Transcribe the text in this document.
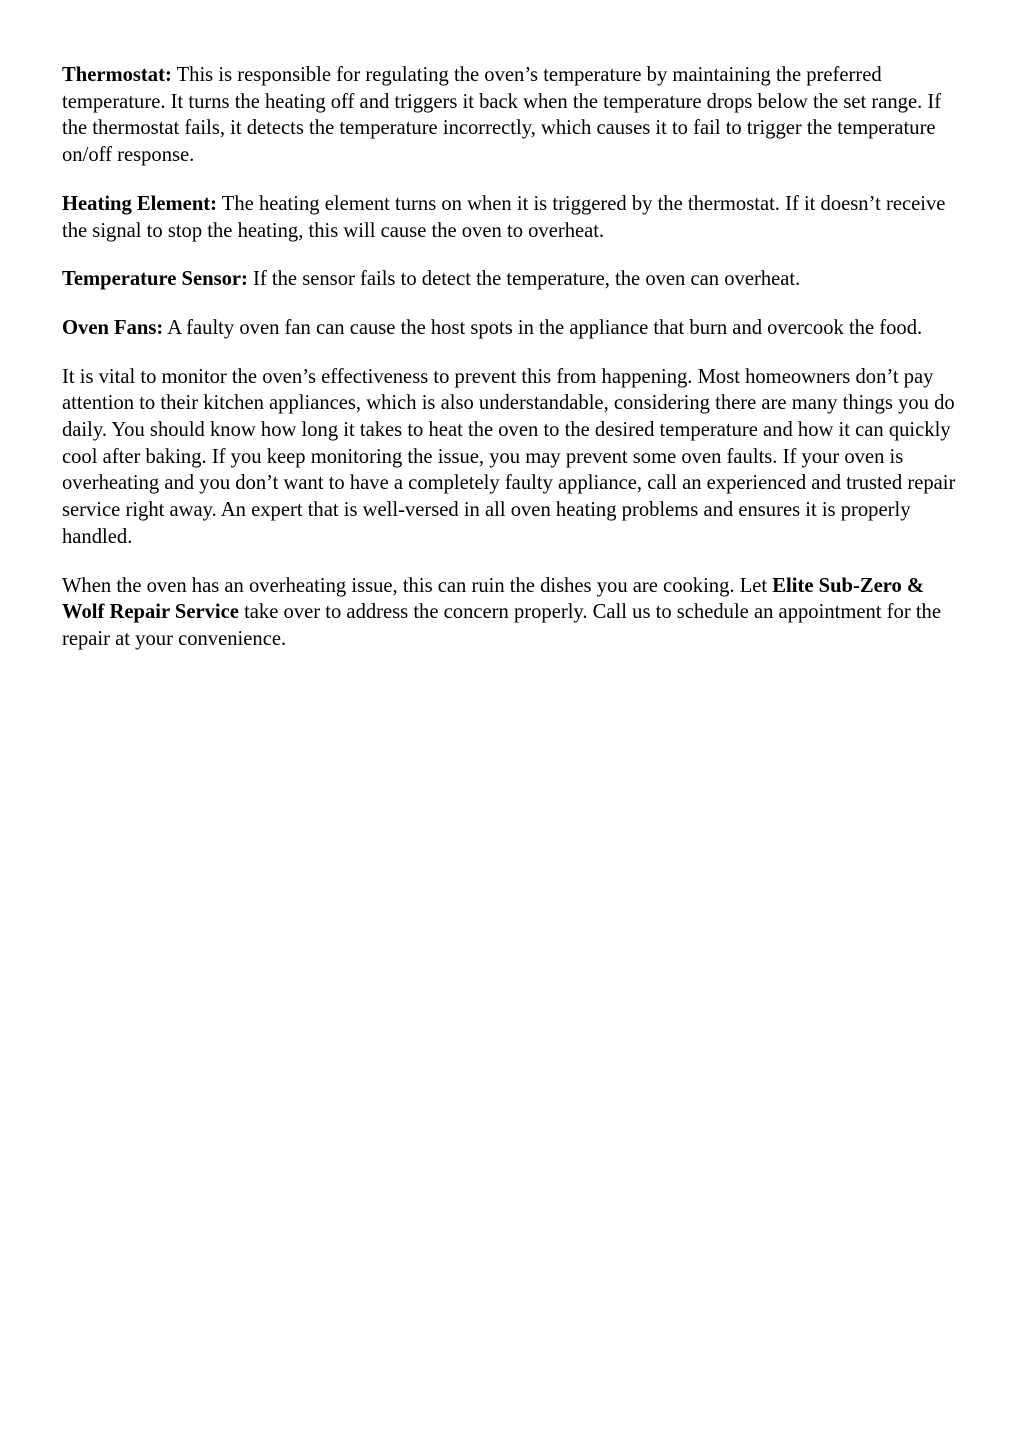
Thermostat: This is responsible for regulating the oven’s temperature by maintaining the preferred temperature. It turns the heating off and triggers it back when the temperature drops below the set range. If the thermostat fails, it detects the temperature incorrectly, which causes it to fail to trigger the temperature on/off response.

Heating Element: The heating element turns on when it is triggered by the thermostat. If it doesn’t receive the signal to stop the heating, this will cause the oven to overheat.

Temperature Sensor: If the sensor fails to detect the temperature, the oven can overheat.

Oven Fans: A faulty oven fan can cause the host spots in the appliance that burn and overcook the food.

It is vital to monitor the oven’s effectiveness to prevent this from happening. Most homeowners don’t pay attention to their kitchen appliances, which is also understandable, considering there are many things you do daily. You should know how long it takes to heat the oven to the desired temperature and how it can quickly cool after baking. If you keep monitoring the issue, you may prevent some oven faults. If your oven is overheating and you don’t want to have a completely faulty appliance, call an experienced and trusted repair service right away. An expert that is well-versed in all oven heating problems and ensures it is properly handled.

When the oven has an overheating issue, this can ruin the dishes you are cooking. Let Elite Sub-Zero & Wolf Repair Service take over to address the concern properly. Call us to schedule an appointment for the repair at your convenience.
